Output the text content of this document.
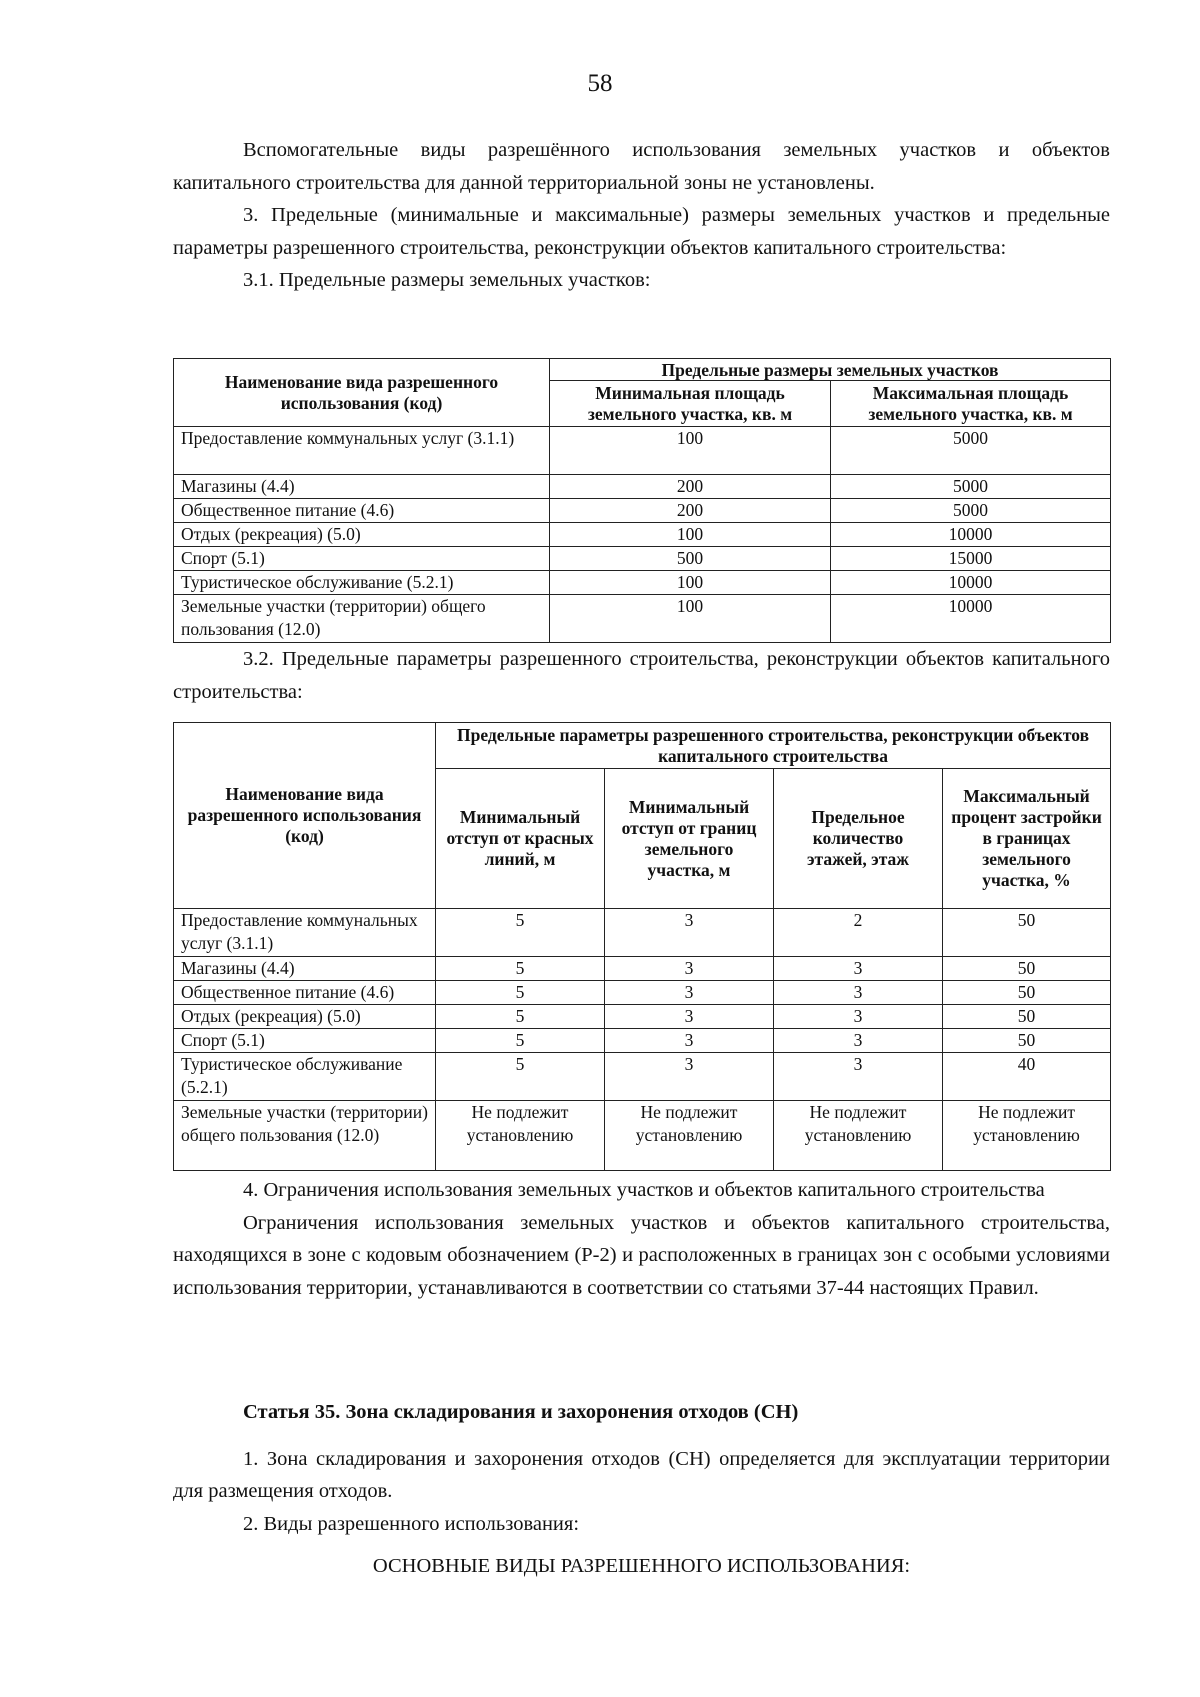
58

Вспомогательные виды разрешённого использования земельных участков и объектов капитального строительства для данной территориальной зоны не установлены.

3. Предельные (минимальные и максимальные) размеры земельных участков и предельные параметры разрешенного строительства, реконструкции объектов капитального строительства:

3.1. Предельные размеры земельных участков:

Наименование вида разрешенного использования (код)	Предельные размеры земельных участков	
	Минимальная площадь земельного участка, кв. м	Максимальная площадь земельного участка, кв. м
Предоставление коммунальных услуг (3.1.1)	100	5000
Магазины (4.4)	200	5000
Общественное питание (4.6)	200	5000
Отдых (рекреация) (5.0)	100	10000
Спорт (5.1)	500	15000
Туристическое обслуживание (5.2.1)	100	10000
Земельные участки (территории) общего пользования (12.0)	100	10000

3.2. Предельные параметры разрешенного строительства, реконструкции объектов капитального строительства:

Наименование вида разрешенного использования (код)	Предельные параметры разрешенного строительства, реконструкции объектов капитального строительства			
	Минимальный отступ от красных линий, м	Минимальный отступ от границ земельного участка, м	Предельное количество этажей, этаж	Максимальный процент застройки в границах земельного участка, %
Предоставление коммунальных услуг (3.1.1)	5	3	2	50
Магазины (4.4)	5	3	3	50
Общественное питание (4.6)	5	3	3	50
Отдых (рекреация) (5.0)	5	3	3	50
Спорт (5.1)	5	3	3	50
Туристическое обслуживание (5.2.1)	5	3	3	40
Земельные участки (территории) общего пользования (12.0)	Не подлежит установлению	Не подлежит установлению	Не подлежит установлению	Не подлежит установлению

4. Ограничения использования земельных участков и объектов капитального строительства

Ограничения использования земельных участков и объектов капитального строительства, находящихся в зоне с кодовым обозначением (Р-2) и расположенных в границах зон с особыми условиями использования территории, устанавливаются в соответствии со статьями 37-44 настоящих Правил.

Статья 35. Зона складирования и захоронения отходов (СН)

1. Зона складирования и захоронения отходов (СН) определяется для эксплуатации территории для размещения отходов.

2. Виды разрешенного использования:

ОСНОВНЫЕ ВИДЫ РАЗРЕШЕННОГО ИСПОЛЬЗОВАНИЯ:
